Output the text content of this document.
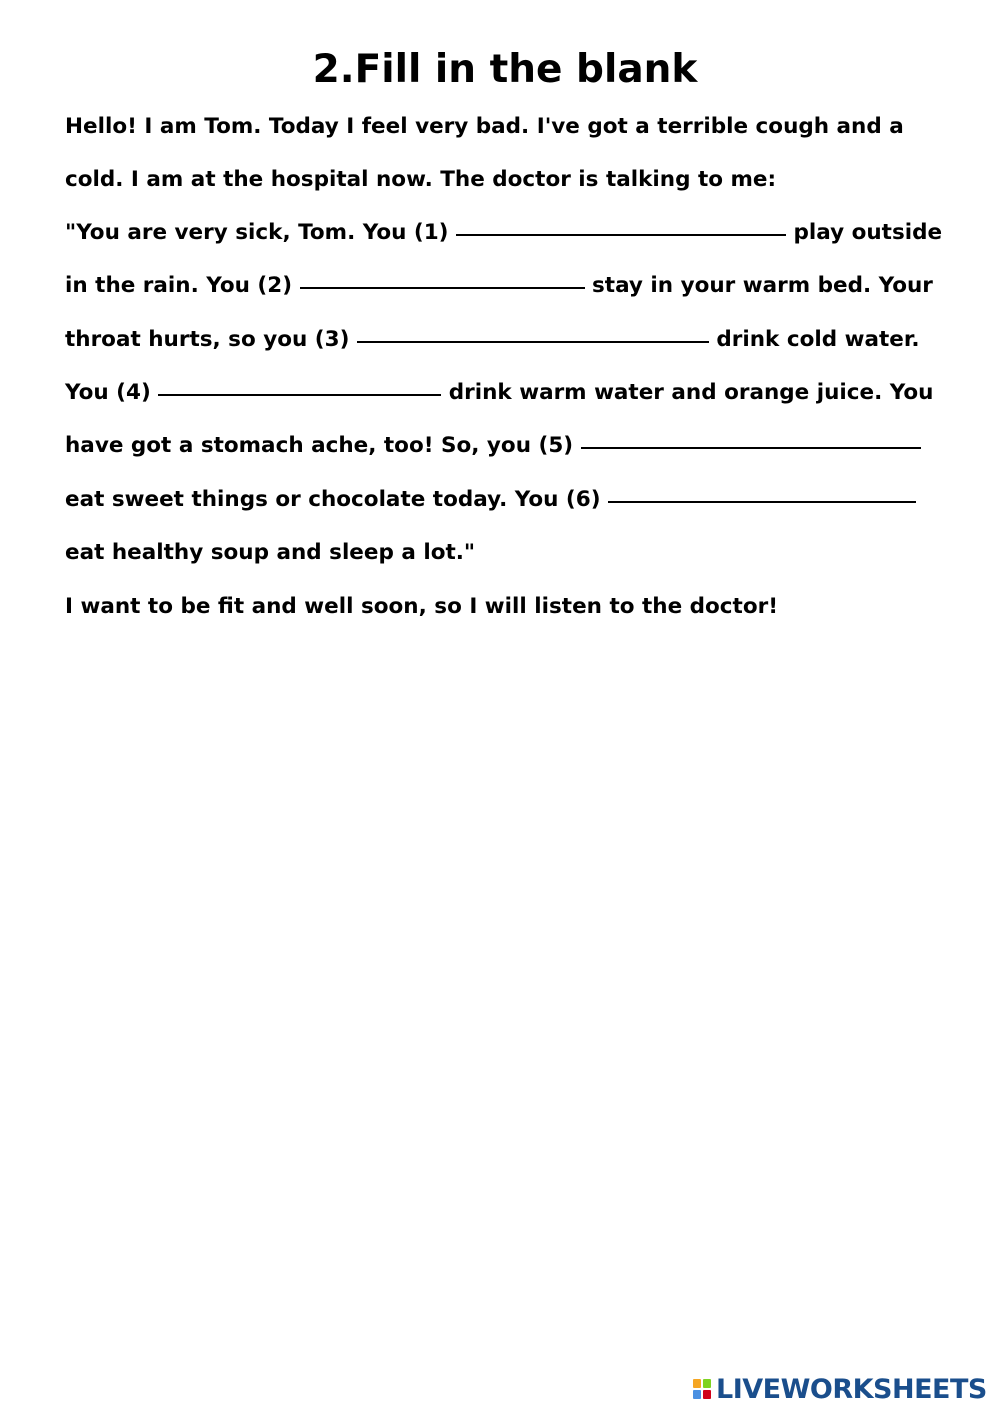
2.Fill in the blank
Hello! I am Tom. Today I feel very bad. I've got a terrible cough and a
cold. I am at the hospital now. The doctor is talking to me:
"You are very sick, Tom. You (1)	play outside
in the rain. You (2)	stay in your warm bed. Your
throat hurts, so you (3)	drink cold water.
You (4)	drink warm water and orange juice. You
have got a stomach ache, too! So, you (5)
eat sweet things or chocolate today. You (6)
eat healthy soup and sleep a lot."
I want to be fit and well soon, so I will listen to the doctor!
LIVEWORKSHEETS
